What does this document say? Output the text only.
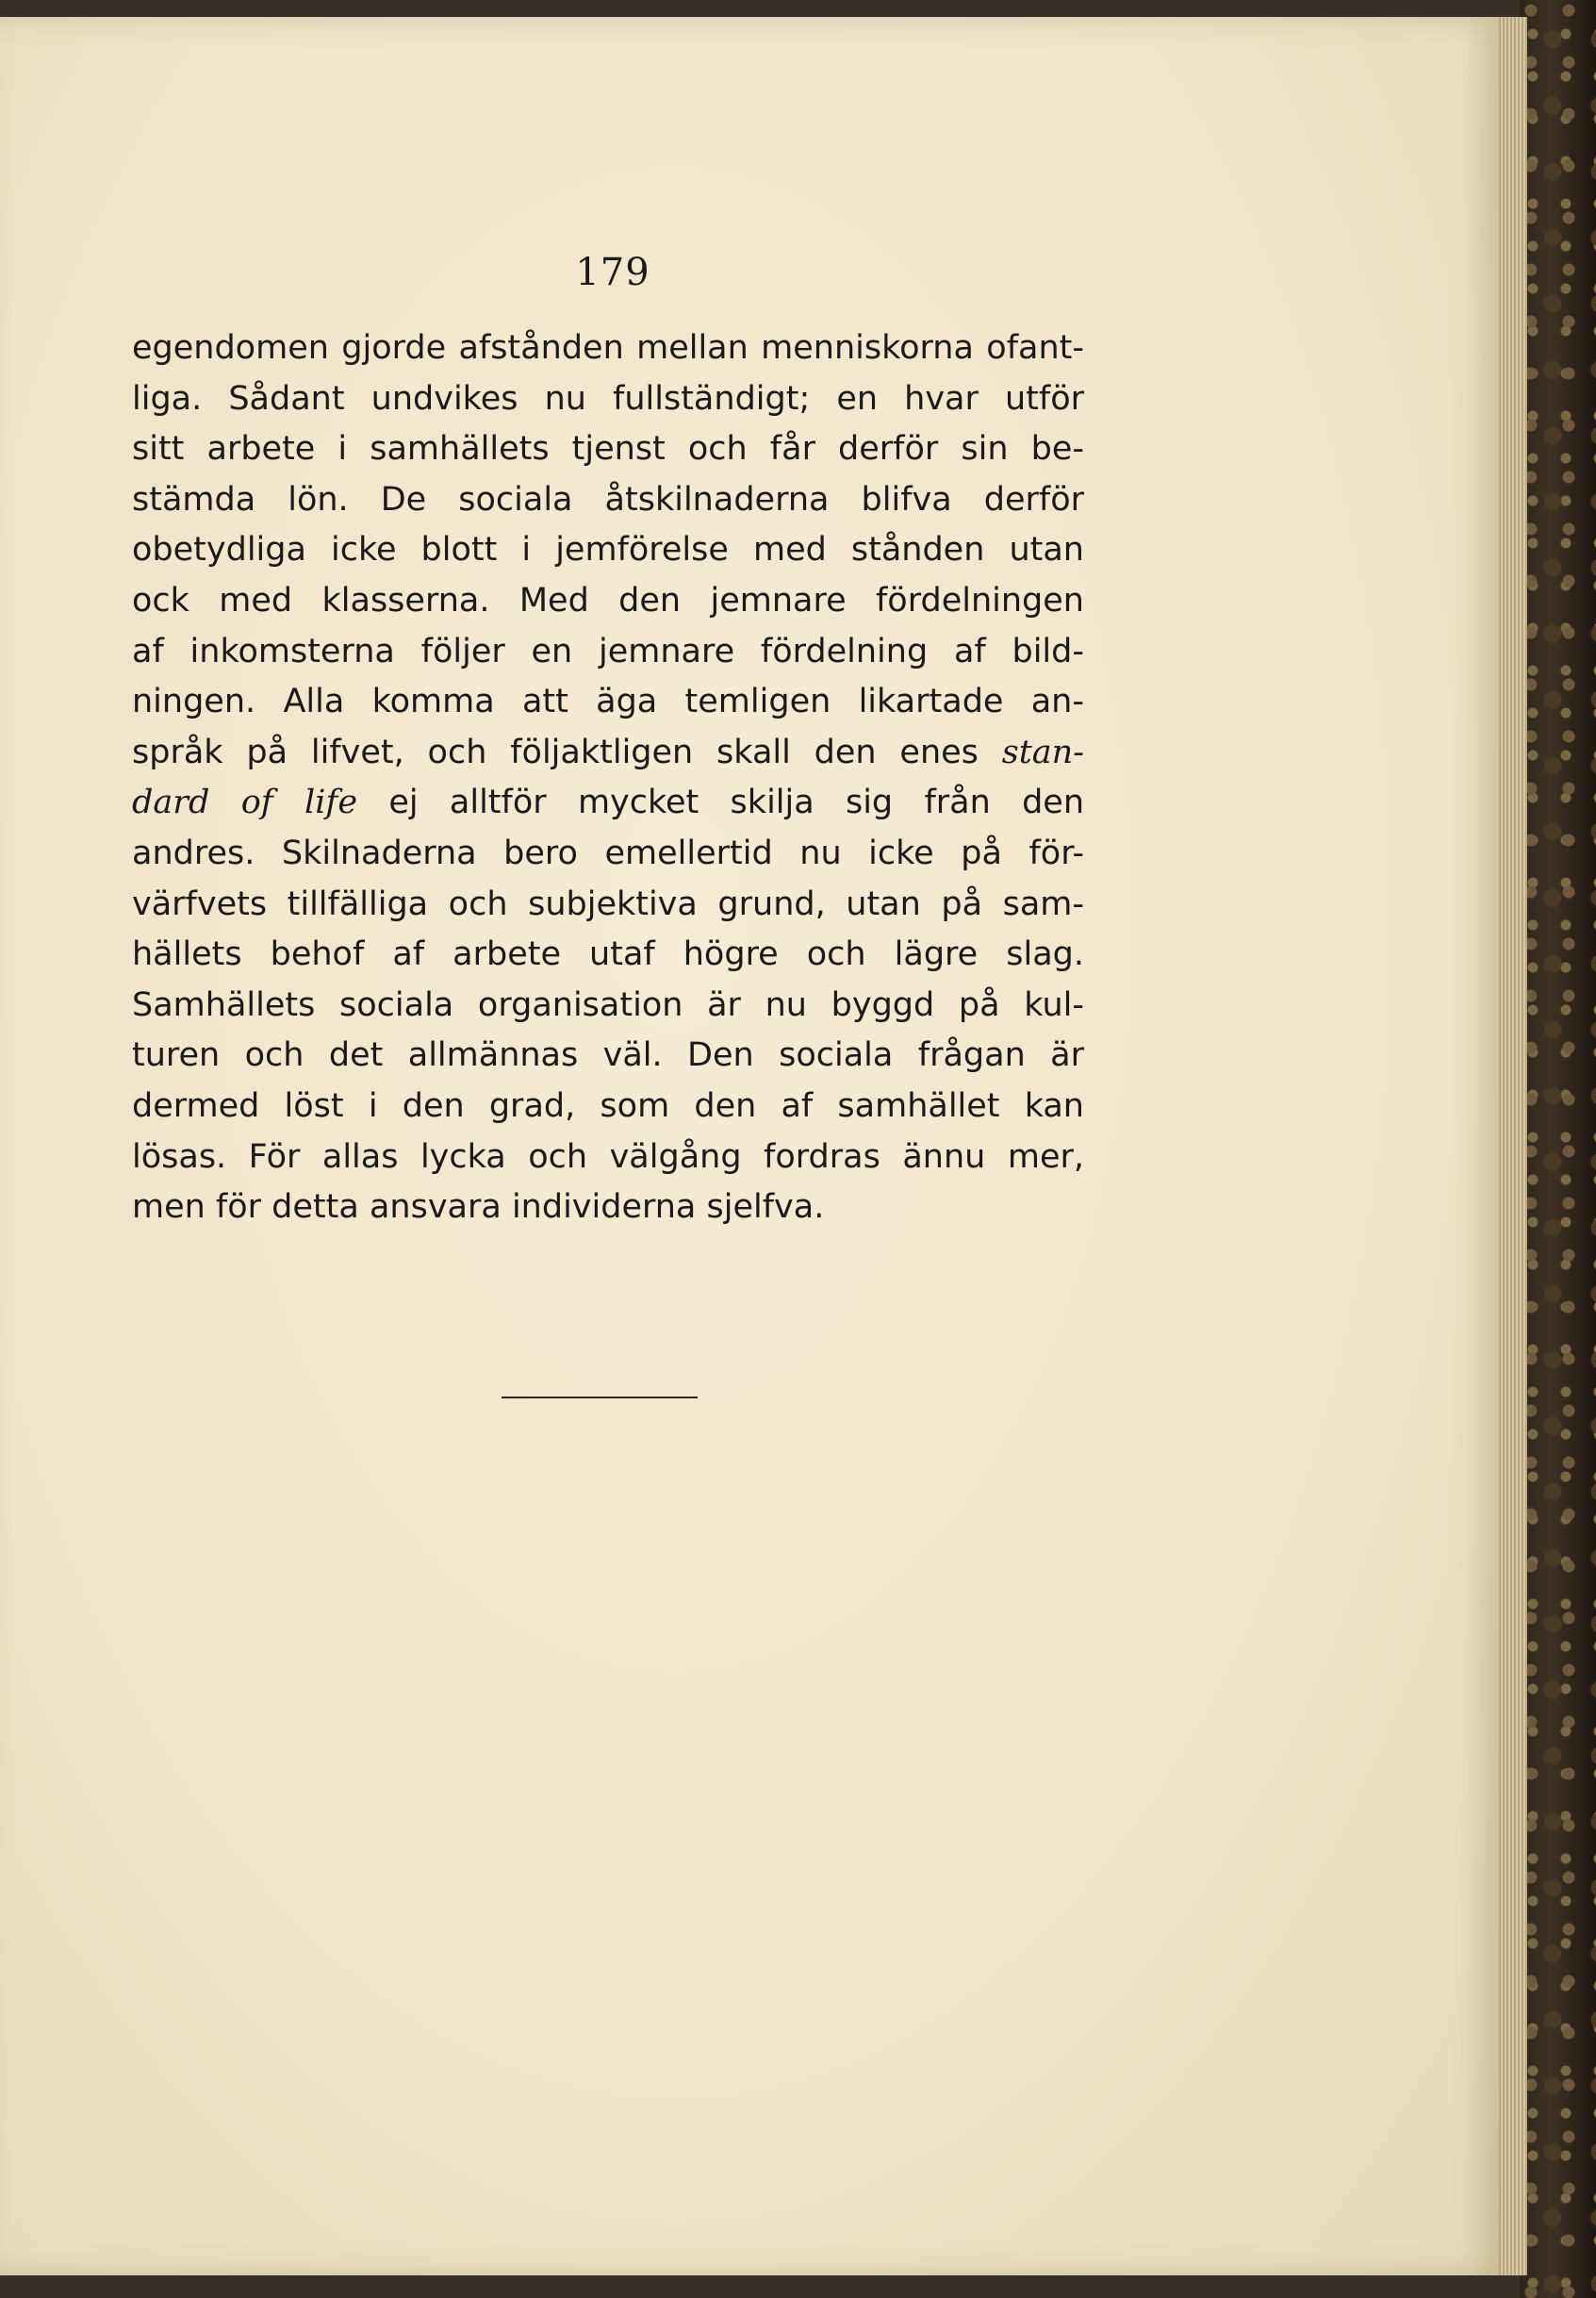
179
egendomen gjorde afstånden mellan menniskorna ofant-
liga. Sådant undvikes nu fullständigt; en hvar utför
sitt arbete i samhällets tjenst och får derför sin be-
stämda lön. De sociala åtskilnaderna blifva derför
obetydliga icke blott i jemförelse med stånden utan
ock med klasserna. Med den jemnare fördelningen
af inkomsterna följer en jemnare fördelning af bild-
ningen. Alla komma att äga temligen likartade an-
språk på lifvet, och följaktligen skall den enes stan-
dard of life ej alltför mycket skilja sig från den
andres. Skilnaderna bero emellertid nu icke på för-
värfvets tillfälliga och subjektiva grund, utan på sam-
hällets behof af arbete utaf högre och lägre slag.
Samhällets sociala organisation är nu byggd på kul-
turen och det allmännas väl. Den sociala frågan är
dermed löst i den grad, som den af samhället kan
lösas. För allas lycka och välgång fordras ännu mer,
men för detta ansvara individerna sjelfva.
